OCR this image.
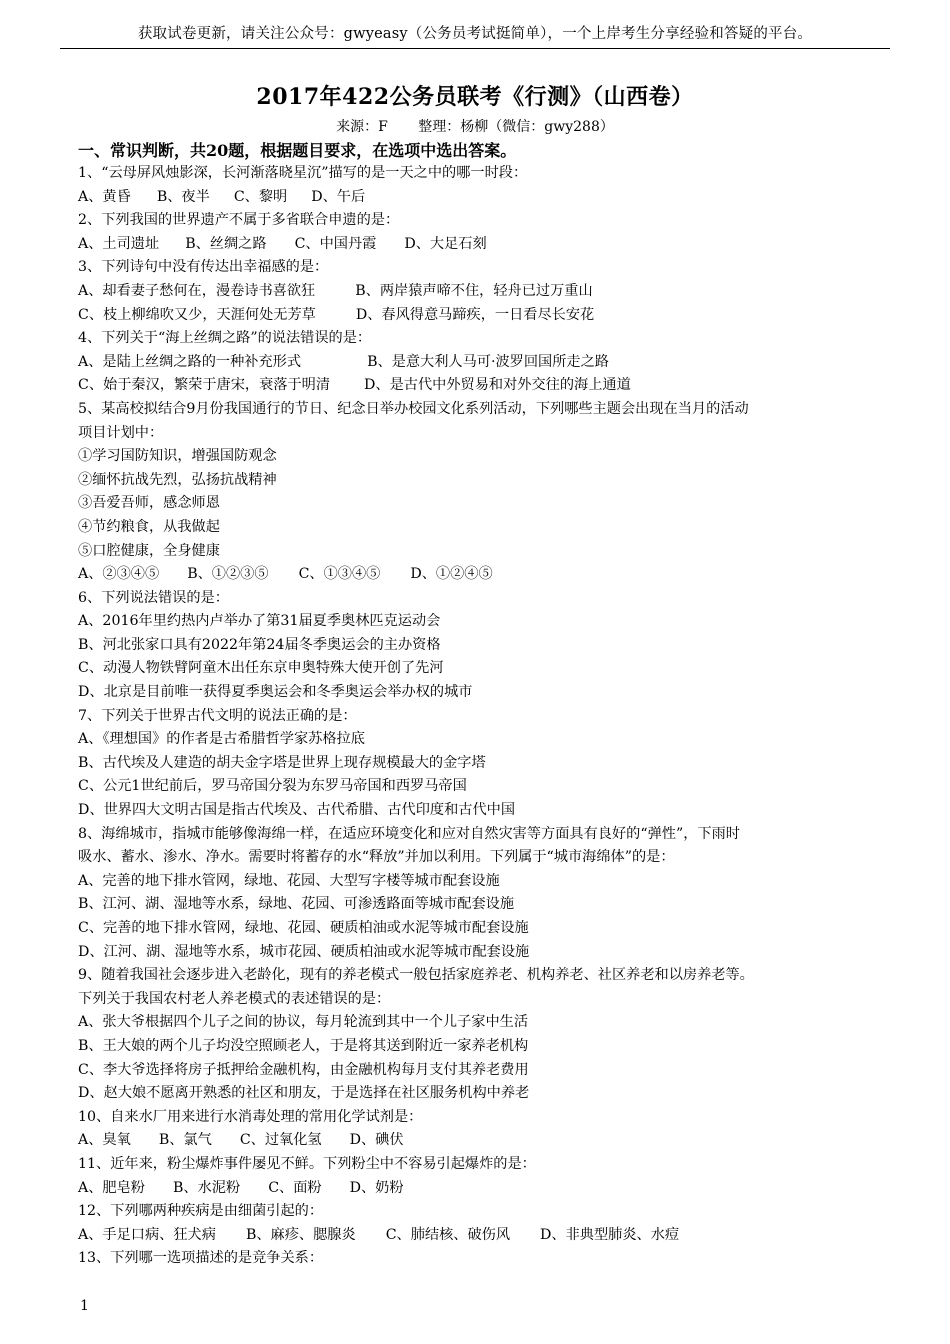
获取试卷更新，请关注公众号：gwyeasy（公务员考试挺简单），一个上岸考生分享经验和答疑的平台。
2017年422公务员联考《行测》（山西卷）
来源：F 整理：杨柳（微信：gwy288）
一、常识判断，共20题，根据题目要求，在选项中选出答案。
1、“云母屏风烛影深，长河渐落晓星沉”描写的是一天之中的哪一时段：
A、黄昏 B、夜半 C、黎明 D、午后
2、下列我国的世界遗产不属于多省联合申遗的是：
A、土司遗址 B、丝绸之路 C、中国丹霞 D、大足石刻
3、下列诗句中没有传达出幸福感的是：
A、却看妻子愁何在，漫卷诗书喜欲狂	B、两岸猿声啼不住，轻舟已过万重山
C、枝上柳绵吹又少，天涯何处无芳草	D、春风得意马蹄疾，一日看尽长安花
4、下列关于“海上丝绸之路”的说法错误的是：
A、是陆上丝绸之路的一种补充形式	B、是意大利人马可·波罗回国所走之路
C、始于秦汉，繁荣于唐宋，衰落于明清 D、是古代中外贸易和对外交往的海上通道
5、某高校拟结合9月份我国通行的节日、纪念日举办校园文化系列活动，下列哪些主题会出现在当月的活动
项目计划中：
①学习国防知识，增强国防观念
②缅怀抗战先烈，弘扬抗战精神
③吾爱吾师，感念师恩
④节约粮食，从我做起
⑤口腔健康，全身健康
A、②③④⑤ B、①②③⑤ C、①③④⑤ D、①②④⑤
6、下列说法错误的是：
A、2016年里约热内卢举办了第31届夏季奥林匹克运动会
B、河北张家口具有2022年第24届冬季奥运会的主办资格
C、动漫人物铁臂阿童木出任东京申奥特殊大使开创了先河
D、北京是目前唯一获得夏季奥运会和冬季奥运会举办权的城市
7、下列关于世界古代文明的说法正确的是：
A、《理想国》的作者是古希腊哲学家苏格拉底
B、古代埃及人建造的胡夫金字塔是世界上现存规模最大的金字塔
C、公元1世纪前后，罗马帝国分裂为东罗马帝国和西罗马帝国
D、世界四大文明古国是指古代埃及、古代希腊、古代印度和古代中国
8、海绵城市，指城市能够像海绵一样，在适应环境变化和应对自然灾害等方面具有良好的“弹性”，下雨时
吸水、蓄水、渗水、净水。需要时将蓄存的水“释放”并加以利用。下列属于“城市海绵体”的是：
A、完善的地下排水管网，绿地、花园、大型写字楼等城市配套设施
B、江河、湖、湿地等水系，绿地、花园、可渗透路面等城市配套设施
C、完善的地下排水管网，绿地、花园、硬质柏油或水泥等城市配套设施
D、江河、湖、湿地等水系，城市花园、硬质柏油或水泥等城市配套设施
9、随着我国社会逐步进入老龄化，现有的养老模式一般包括家庭养老、机构养老、社区养老和以房养老等。
下列关于我国农村老人养老模式的表述错误的是：
A、张大爷根据四个儿子之间的协议，每月轮流到其中一个儿子家中生活
B、王大娘的两个儿子均没空照顾老人，于是将其送到附近一家养老机构
C、李大爷选择将房子抵押给金融机构，由金融机构每月支付其养老费用
D、赵大娘不愿离开熟悉的社区和朋友，于是选择在社区服务机构中养老
10、自来水厂用来进行水消毒处理的常用化学试剂是：
A、臭氧 B、氯气 C、过氧化氢 D、碘伏
11、近年来，粉尘爆炸事件屡见不鲜。下列粉尘中不容易引起爆炸的是：
A、肥皂粉 B、水泥粉 C、面粉 D、奶粉
12、下列哪两种疾病是由细菌引起的：
A、手足口病、狂犬病 B、麻疹、腮腺炎 C、肺结核、破伤风 D、非典型肺炎、水痘
13、下列哪一选项描述的是竞争关系：
1
